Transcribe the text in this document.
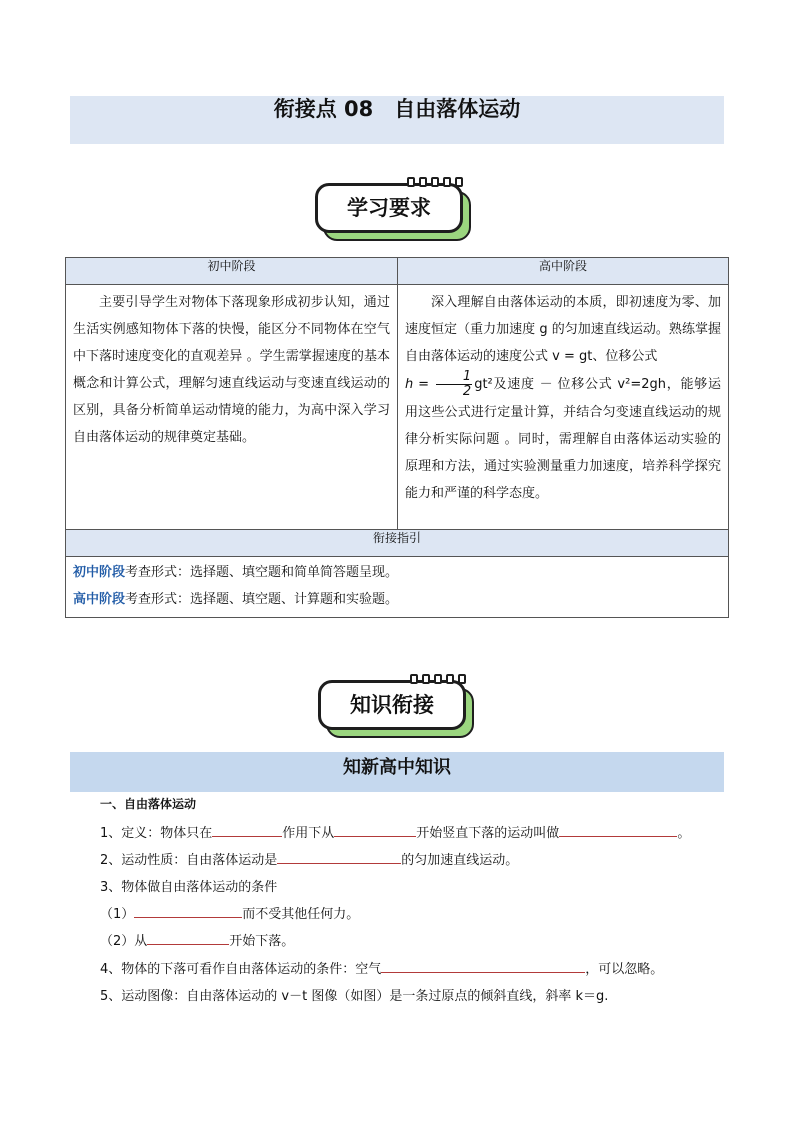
衔接点 08　自由落体运动
学习要求
初中阶段	高中阶段

主要引导学生对物体下落现象形成初步认知，通过生活实例感知物体下落的快慢，能区分不同物体在空气中下落时速度变化的直观差异 。学生需掌握速度的基本概念和计算公式，理解匀速直线运动与变速直线运动的区别，具备分析简单运动情境的能力，为高中深入学习自由落体运动的规律奠定基础。	深入理解自由落体运动的本质，即初速度为零、加速度恒定（重力加速度 g 的匀加速直线运动。熟练掌握自由落体运动的速度公式 v = gt、位移公式
$h = \frac{1}{2} gt^2$及速度 － 位移公式 v²=2gh，能够运用这些公式进行定量计算，并结合匀变速直线运动的规律分析实际问题 。同时，需理解自由落体运动实验的原理和方法，通过实验测量重力加速度，培养科学探究能力和严谨的科学态度。

衔接指引	

初中阶段考查形式：选择题、填空题和简单简答题呈现。
高中阶段考查形式：选择题、填空题、计算题和实验题。	
知识衔接
知新高中知识
一、自由落体运动
1、定义：物体只在	作用下从	开始竖直下落的运动叫做	。
2、运动性质：自由落体运动是	的匀加速直线运动。
3、物体做自由落体运动的条件
（1）	而不受其他任何力。
（2）从	开始下落。
4、物体的下落可看作自由落体运动的条件：空气	，可以忽略。
5、运动图像：自由落体运动的 v－t 图像（如图）是一条过原点的倾斜直线，斜率 k＝g.
